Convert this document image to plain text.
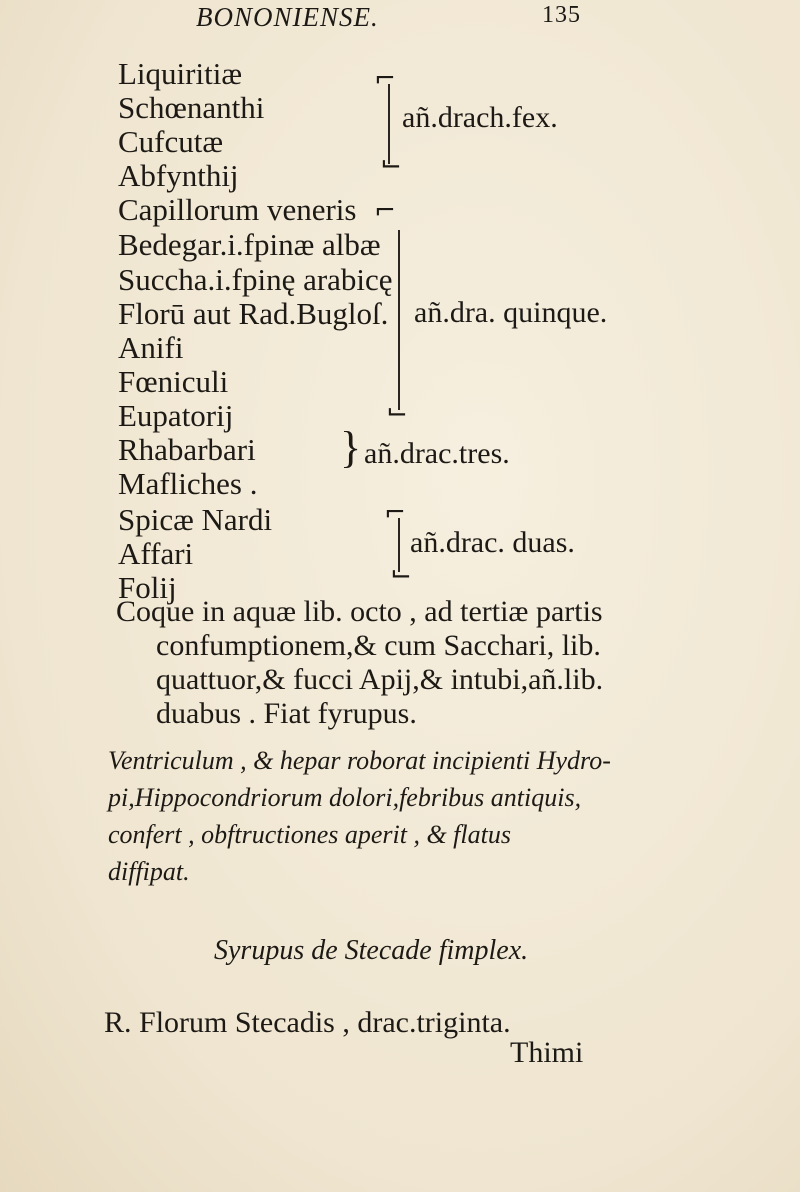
BONONIENSE.	135
Liquiritiæ
Schœnanthi
Cufcutæ
Abfynthij
Capillorum veneris
Bedegar.i.fpinæ albæ
Succha.i.fpinę arabicę
Florū aut Rad.Bugloſ.
Anifi
Fœniculi
Eupatorij
Rhabarbari
Mafliches .
Spicæ Nardi
Affari
Folij
⌐
⌙
añ.drach.fex.
⌐
⌙
añ.dra. quinque.
} añ.drac.tres.
⌐
⌙
añ.drac. duas.

Coque in aquæ lib. octo , ad tertiæ partis

confumptionem,& cum Sacchari, lib.

quattuor,& fucci Apij,& intubi,añ.lib.

duabus . Fiat fyrupus.

Ventriculum , & hepar roborat incipienti Hydro-

pi,Hippocondriorum dolori,febribus antiquis,

confert , obftructiones aperit , & flatus

diffipat.

Syrupus de Stecade fimplex.
R. Florum Stecadis , drac.triginta.
Thimi
